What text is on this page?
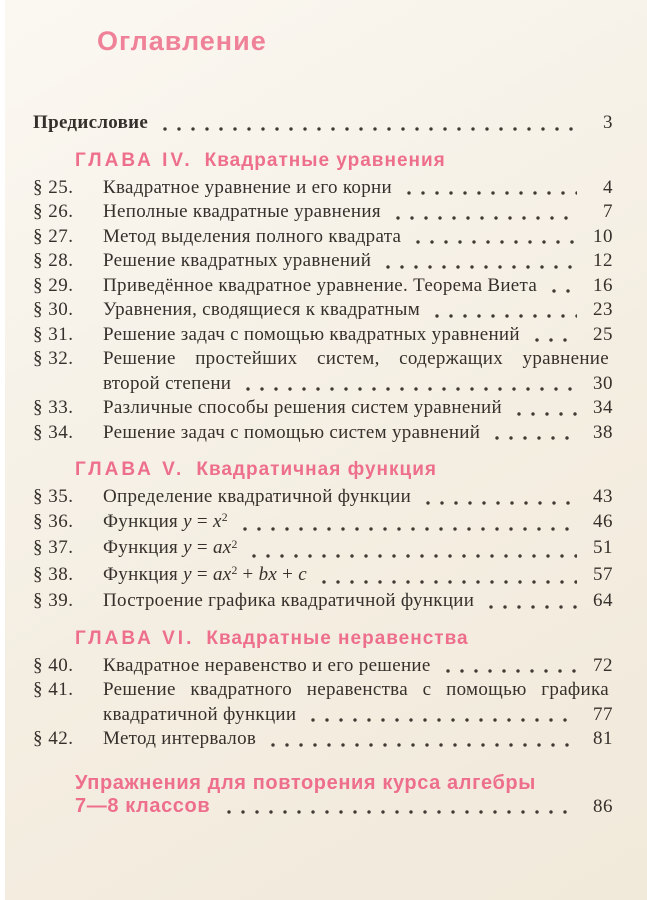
Оглавление
Предисловие	3
ГЛАВА IV. Квадратные уравнения
§ 25.	Квадратное уравнение и его корни	4
§ 26.	Неполные квадратные уравнения	7
§ 27.	Метод выделения полного квадрата	10
§ 28.	Решение квадратных уравнений	12
§ 29.	Приведённое квадратное уравнение. Теорема Виета	16
§ 30.	Уравнения, сводящиеся к квадратным	23
§ 31.	Решение задач с помощью квадратных уравнений	25
§ 32.	Решение простейших систем, содержащих уравнение
второй степени	30
§ 33.	Различные способы решения систем уравнений	34
§ 34.	Решение задач с помощью систем уравнений	38
ГЛАВА V. Квадратичная функция
§ 35.	Определение квадратичной функции	43
§ 36.	Функция $y = x^2$	46
§ 37.	Функция $y = ax^2$	51
§ 38.	Функция $y = ax^2$ + bx + c	57
§ 39.	Построение графика квадратичной функции	64
ГЛАВА VI. Квадратные неравенства
§ 40.	Квадратное неравенство и его решение	72
§ 41.	Решение квадратного неравенства с помощью графика
квадратичной функции	77
§ 42.	Метод интервалов	81
Упражнения для повторения курса алгебры
7—8 классов	86
